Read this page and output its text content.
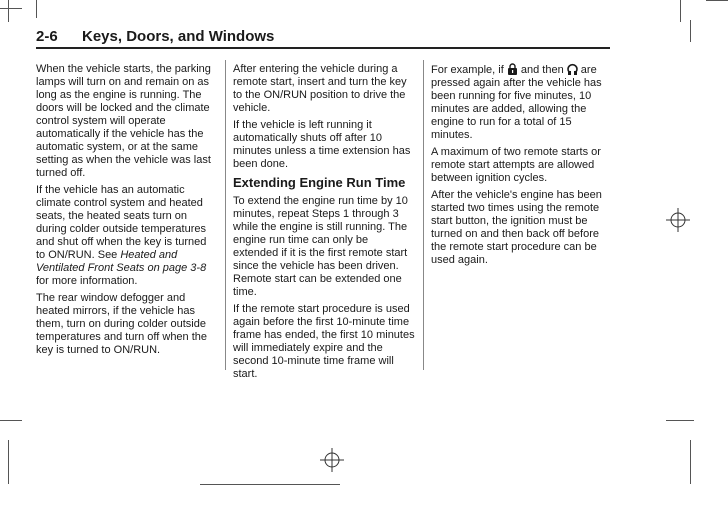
2-6 Keys, Doors, and Windows

When the vehicle starts, the parking lamps will turn on and remain on as long as the engine is running. The doors will be locked and the climate control system will operate automatically if the vehicle has the automatic system, or at the same setting as when the vehicle was last turned off.

If the vehicle has an automatic climate control system and heated seats, the heated seats turn on during colder outside temperatures and shut off when the key is turned to ON/RUN. See Heated and Ventilated Front Seats on page 3-8 for more information.

The rear window defogger and heated mirrors, if the vehicle has them, turn on during colder outside temperatures and turn off when the key is turned to ON/RUN.

After entering the vehicle during a remote start, insert and turn the key to the ON/RUN position to drive the vehicle.

If the vehicle is left running it automatically shuts off after 10 minutes unless a time extension has been done.

Extending Engine Run Time

To extend the engine run time by 10 minutes, repeat Steps 1 through 3 while the engine is still running. The engine run time can only be extended if it is the first remote start since the vehicle has been driven. Remote start can be extended one time.

If the remote start procedure is used again before the first 10-minute time frame has ended, the first 10 minutes will immediately expire and the second 10-minute time frame will start.

For example, if  and then  are pressed again after the vehicle has been running for five minutes, 10 minutes are added, allowing the engine to run for a total of 15 minutes.

A maximum of two remote starts or remote start attempts are allowed between ignition cycles.

After the vehicle's engine has been started two times using the remote start button, the ignition must be turned on and then back off before the remote start procedure can be used again.
